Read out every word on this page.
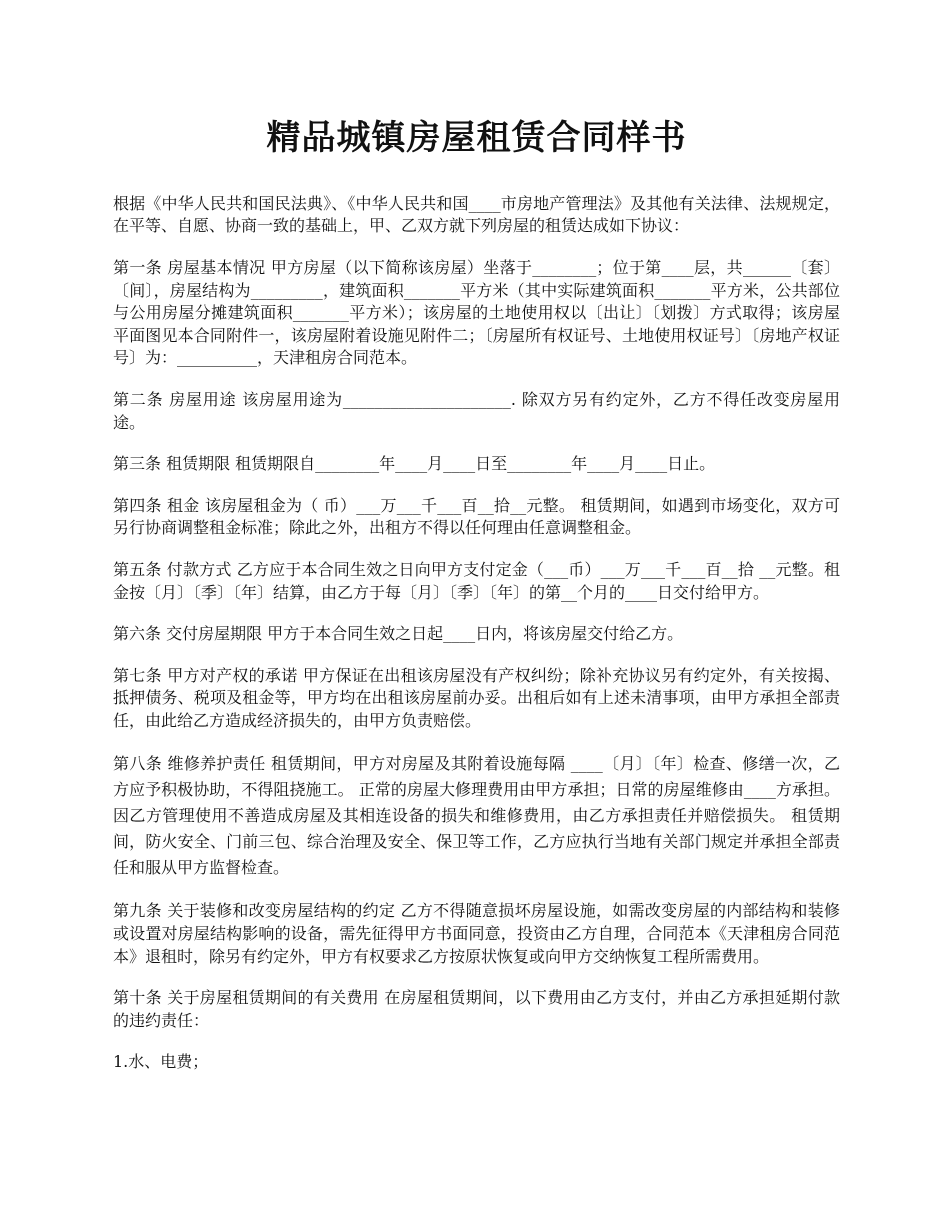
精品城镇房屋租赁合同样书

根据《中华人民共和国民法典》、《中华人民共和国____市房地产管理法》及其他有关法律、法规规定，在平等、自愿、协商一致的基础上，甲、乙双方就下列房屋的租赁达成如下协议：

第一条 房屋基本情况 甲方房屋（以下简称该房屋）坐落于________；位于第____层，共______〔套〕〔间〕，房屋结构为_________，建筑面积_______平方米（其中实际建筑面积_______平方米，公共部位与公用房屋分摊建筑面积_______平方米）；该房屋的土地使用权以〔出让〕〔划拨〕方式取得；该房屋平面图见本合同附件一，该房屋附着设施见附件二；〔房屋所有权证号、土地使用权证号〕〔房地产权证号〕为：__________，天津租房合同范本。

第二条 房屋用途 该房屋用途为_____________________. 除双方另有约定外，乙方不得任改变房屋用途。

第三条 租赁期限 租赁期限自________年____月____日至________年____月____日止。

第四条 租金 该房屋租金为（ 币）___万___千___百__拾__元整。 租赁期间，如遇到市场变化，双方可另行协商调整租金标准；除此之外，出租方不得以任何理由任意调整租金。

第五条 付款方式 乙方应于本合同生效之日向甲方支付定金（___币）___万___千___百__拾 __元整。租金按〔月〕〔季〕〔年〕结算，由乙方于每〔月〕〔季〕〔年〕的第__个月的____日交付给甲方。

第六条 交付房屋期限 甲方于本合同生效之日起____日内，将该房屋交付给乙方。

第七条 甲方对产权的承诺 甲方保证在出租该房屋没有产权纠纷；除补充协议另有约定外，有关按揭、抵押债务、税项及租金等，甲方均在出租该房屋前办妥。出租后如有上述未清事项，由甲方承担全部责任，由此给乙方造成经济损失的，由甲方负责赔偿。

第八条 维修养护责任 租赁期间，甲方对房屋及其附着设施每隔 ____〔月〕〔年〕检查、修缮一次，乙方应予积极协助，不得阻挠施工。 正常的房屋大修理费用由甲方承担；日常的房屋维修由____方承担。 因乙方管理使用不善造成房屋及其相连设备的损失和维修费用，由乙方承担责任并赔偿损失。 租赁期间，防火安全、门前三包、综合治理及安全、保卫等工作，乙方应执行当地有关部门规定并承担全部责任和服从甲方监督检查。

第九条 关于装修和改变房屋结构的约定 乙方不得随意损坏房屋设施，如需改变房屋的内部结构和装修或设置对房屋结构影响的设备，需先征得甲方书面同意，投资由乙方自理，合同范本《天津租房合同范本》退租时，除另有约定外，甲方有权要求乙方按原状恢复或向甲方交纳恢复工程所需费用。

第十条 关于房屋租赁期间的有关费用 在房屋租赁期间，以下费用由乙方支付，并由乙方承担延期付款的违约责任：

1.水、电费；
